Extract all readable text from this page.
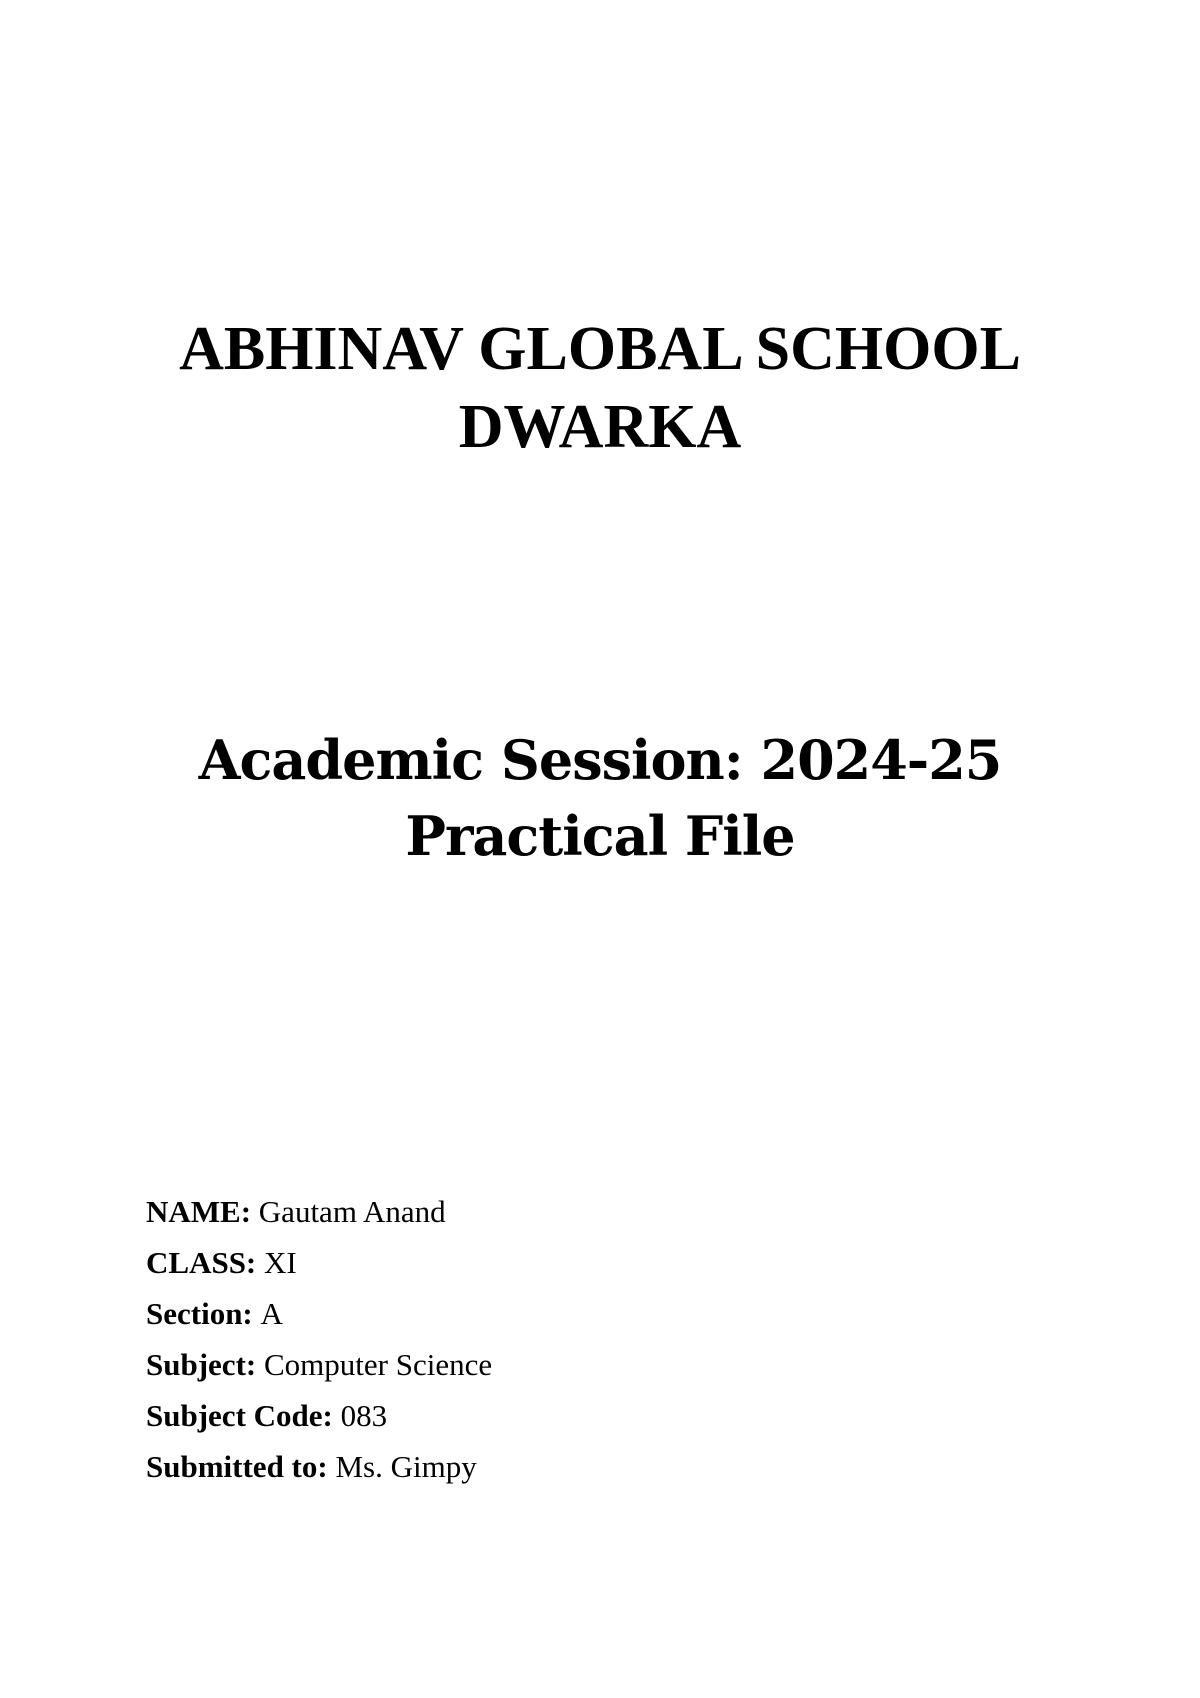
ABHINAV GLOBAL SCHOOL
DWARKA
Academic Session: 2024-25
Practical File
NAME: Gautam Anand
CLASS: XI
Section: A
Subject: Computer Science
Subject Code: 083
Submitted to: Ms. Gimpy
